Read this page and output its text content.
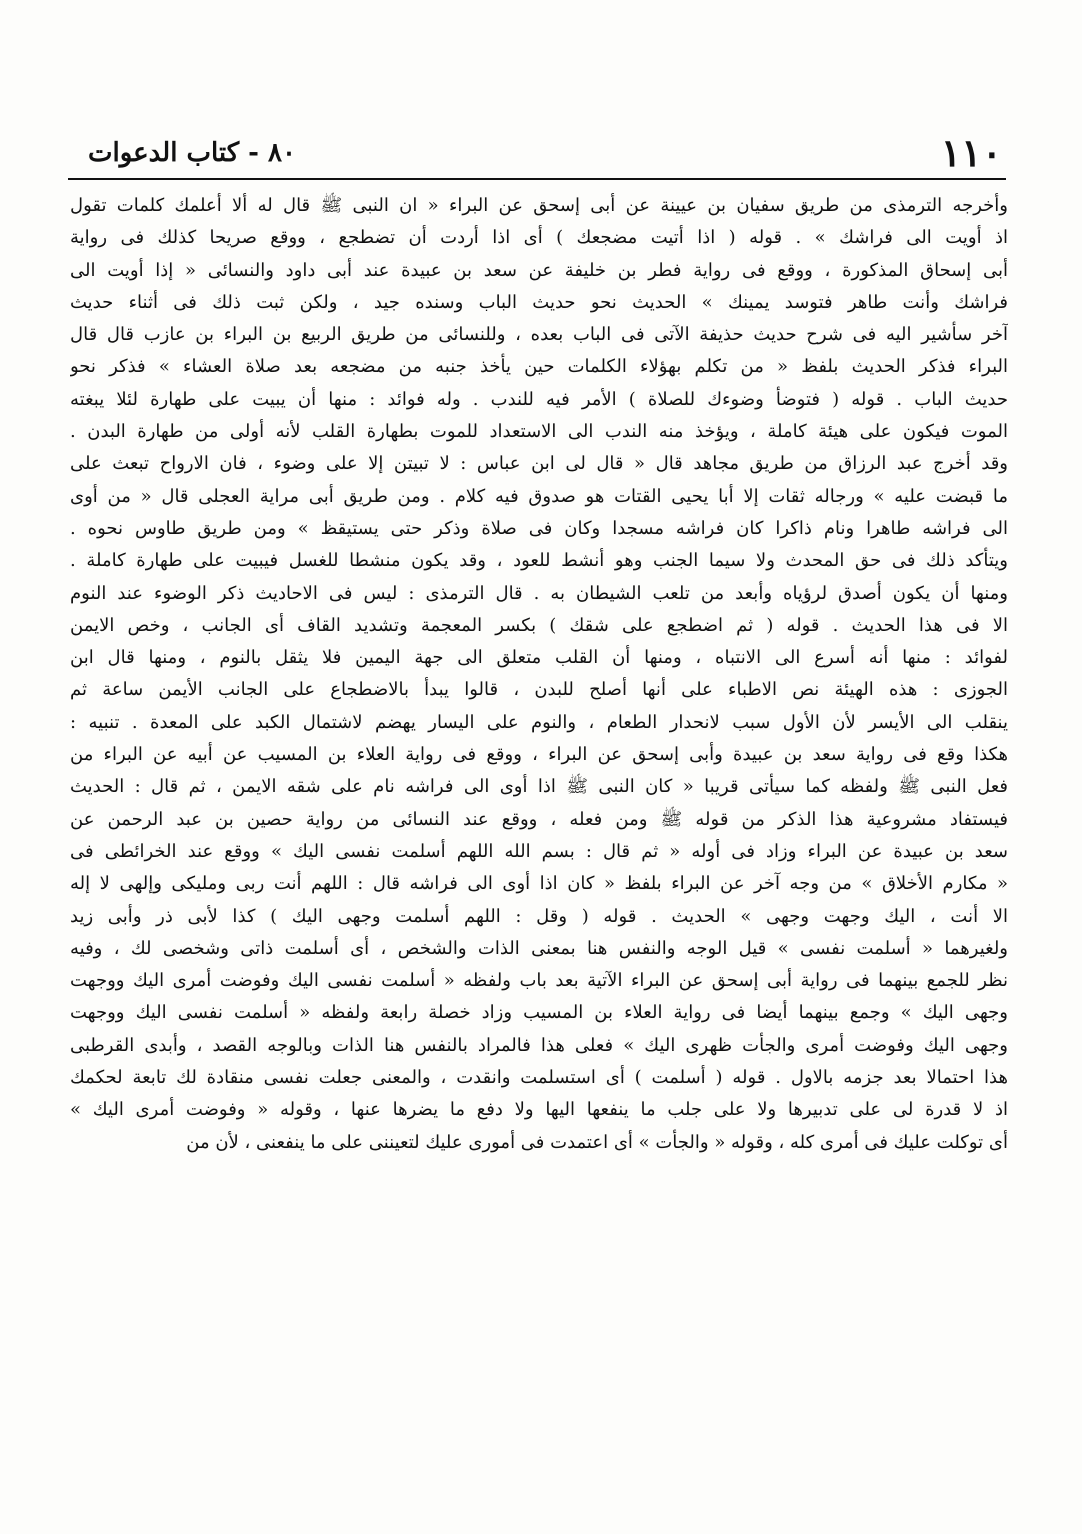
١١٠
٨٠ - كتاب الدعوات
وأخرجه الترمذى من طريق سفيان بن عيينة عن أبى إسحق عن البراء « ان النبى ﷺ قال له ألا أعلمك كلمات تقول
اذ أويت الى فراشك » . قوله ( اذا أتيت مضجعك ) أى اذا أردت أن تضطجع ، ووقع صريحا كذلك فى رواية
أبى إسحاق المذكورة ، ووقع فى رواية فطر بن خليفة عن سعد بن عبيدة عند أبى داود والنسائى « إذا أويت الى
فراشك وأنت طاهر فتوسد يمينك » الحديث نحو حديث الباب وسنده جيد ، ولكن ثبت ذلك فى أثناء حديث
آخر سأشير اليه فى شرح حديث حذيفة الآتى فى الباب بعده ، وللنسائى من طريق الربيع بن البراء بن عازب قال قال
البراء فذكر الحديث بلفظ « من تكلم بهؤلاء الكلمات حين يأخذ جنبه من مضجعه بعد صلاة العشاء » فذكر نحو
حديث الباب . قوله ( فتوضأ وضوءك للصلاة ) الأمر فيه للندب . وله فوائد : منها أن يبيت على طهارة لئلا يبغته
الموت فيكون على هيئة كاملة ، ويؤخذ منه الندب الى الاستعداد للموت بطهارة القلب لأنه أولى من طهارة البدن .
وقد أخرج عبد الرزاق من طريق مجاهد قال « قال لى ابن عباس : لا تبيتن إلا على وضوء ، فان الارواح تبعث على
ما قبضت عليه » ورجاله ثقات إلا أبا يحيى القتات هو صدوق فيه كلام . ومن طريق أبى مراية العجلى قال « من أوى
الى فراشه طاهرا ونام ذاكرا كان فراشه مسجدا وكان فى صلاة وذكر حتى يستيقظ » ومن طريق طاوس نحوه .
ويتأكد ذلك فى حق المحدث ولا سيما الجنب وهو أنشط للعود ، وقد يكون منشطا للغسل فيبيت على طهارة كاملة .
ومنها أن يكون أصدق لرؤياه وأبعد من تلعب الشيطان به . قال الترمذى : ليس فى الاحاديث ذكر الوضوء عند النوم
الا فى هذا الحديث . قوله ( ثم اضطجع على شقك ) بكسر المعجمة وتشديد القاف أى الجانب ، وخص الايمن
لفوائد : منها أنه أسرع الى الانتباه ، ومنها أن القلب متعلق الى جهة اليمين فلا يثقل بالنوم ، ومنها قال ابن
الجوزى : هذه الهيئة نص الاطباء على أنها أصلح للبدن ، قالوا يبدأ بالاضطجاع على الجانب الأيمن ساعة ثم
ينقلب الى الأيسر لأن الأول سبب لانحدار الطعام ، والنوم على اليسار يهضم لاشتمال الكبد على المعدة . تنبيه :
هكذا وقع فى رواية سعد بن عبيدة وأبى إسحق عن البراء ، ووقع فى رواية العلاء بن المسيب عن أبيه عن البراء من
فعل النبى ﷺ ولفظه كما سيأتى قريبا « كان النبى ﷺ اذا أوى الى فراشه نام على شقه الايمن ، ثم قال : الحديث
فيستفاد مشروعية هذا الذكر من قوله ﷺ ومن فعله ، ووقع عند النسائى من رواية حصين بن عبد الرحمن عن
سعد بن عبيدة عن البراء وزاد فى أوله « ثم قال : بسم الله اللهم أسلمت نفسى اليك » ووقع عند الخرائطى فى
« مكارم الأخلاق » من وجه آخر عن البراء بلفظ « كان اذا أوى الى فراشه قال : اللهم أنت ربى ومليكى وإلهى لا إله
الا أنت ، اليك وجهت وجهى » الحديث . قوله ( وقل : اللهم أسلمت وجهى اليك ) كذا لأبى ذر وأبى زيد
ولغيرهما « أسلمت نفسى » قيل الوجه والنفس هنا بمعنى الذات والشخص ، أى أسلمت ذاتى وشخصى لك ، وفيه
نظر للجمع بينهما فى رواية أبى إسحق عن البراء الآتية بعد باب ولفظه « أسلمت نفسى اليك وفوضت أمرى اليك ووجهت
وجهى اليك » وجمع بينهما أيضا فى رواية العلاء بن المسيب وزاد خصلة رابعة ولفظه « أسلمت نفسى اليك ووجهت
وجهى اليك وفوضت أمرى والجأت ظهرى اليك » فعلى هذا فالمراد بالنفس هنا الذات وبالوجه القصد ، وأبدى القرطبى
هذا احتمالا بعد جزمه بالاول . قوله ( أسلمت ) أى استسلمت وانقدت ، والمعنى جعلت نفسى منقادة لك تابعة لحكمك
اذ لا قدرة لى على تدبيرها ولا على جلب ما ينفعها اليها ولا دفع ما يضرها عنها ، وقوله « وفوضت أمرى اليك »
أى توكلت عليك فى أمرى كله ، وقوله « والجأت » أى اعتمدت فى أمورى عليك لتعيننى على ما ينفعنى ، لأن من
